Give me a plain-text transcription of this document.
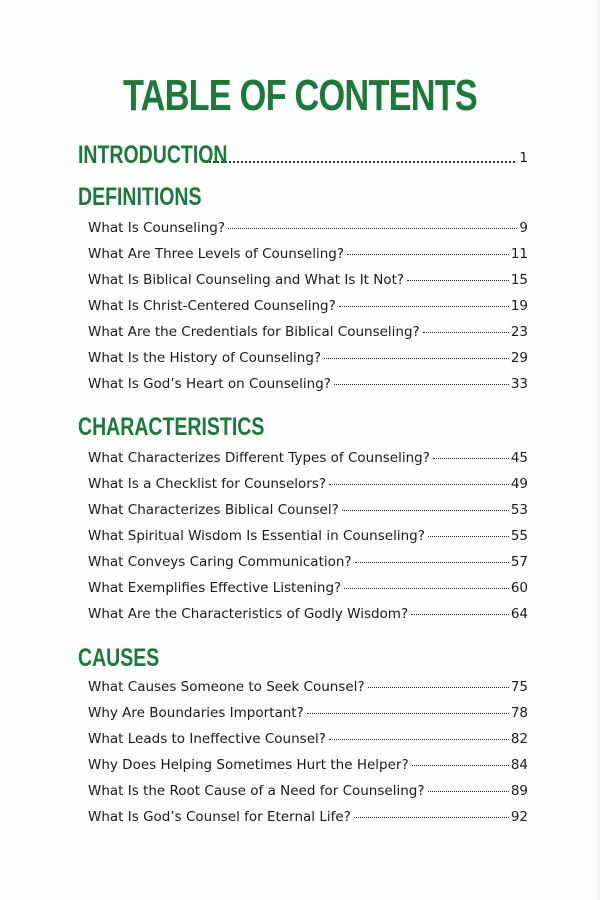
TABLE OF CONTENTS
INTRODUCTION	1
DEFINITIONS
What Is Counseling?	9
What Are Three Levels of Counseling?	11
What Is Biblical Counseling and What Is It Not?	15
What Is Christ-Centered Counseling?	19
What Are the Credentials for Biblical Counseling?	23
What Is the History of Counseling?	29
What Is God’s Heart on Counseling?	33
CHARACTERISTICS
What Characterizes Different Types of Counseling?	45
What Is a Checklist for Counselors?	49
What Characterizes Biblical Counsel?	53
What Spiritual Wisdom Is Essential in Counseling?	55
What Conveys Caring Communication?	57
What Exemplifies Effective Listening?	60
What Are the Characteristics of Godly Wisdom?	64
CAUSES
What Causes Someone to Seek Counsel?	75
Why Are Boundaries Important?	78
What Leads to Ineffective Counsel?	82
Why Does Helping Sometimes Hurt the Helper?	84
What Is the Root Cause of a Need for Counseling?	89
What Is God’s Counsel for Eternal Life?	92
